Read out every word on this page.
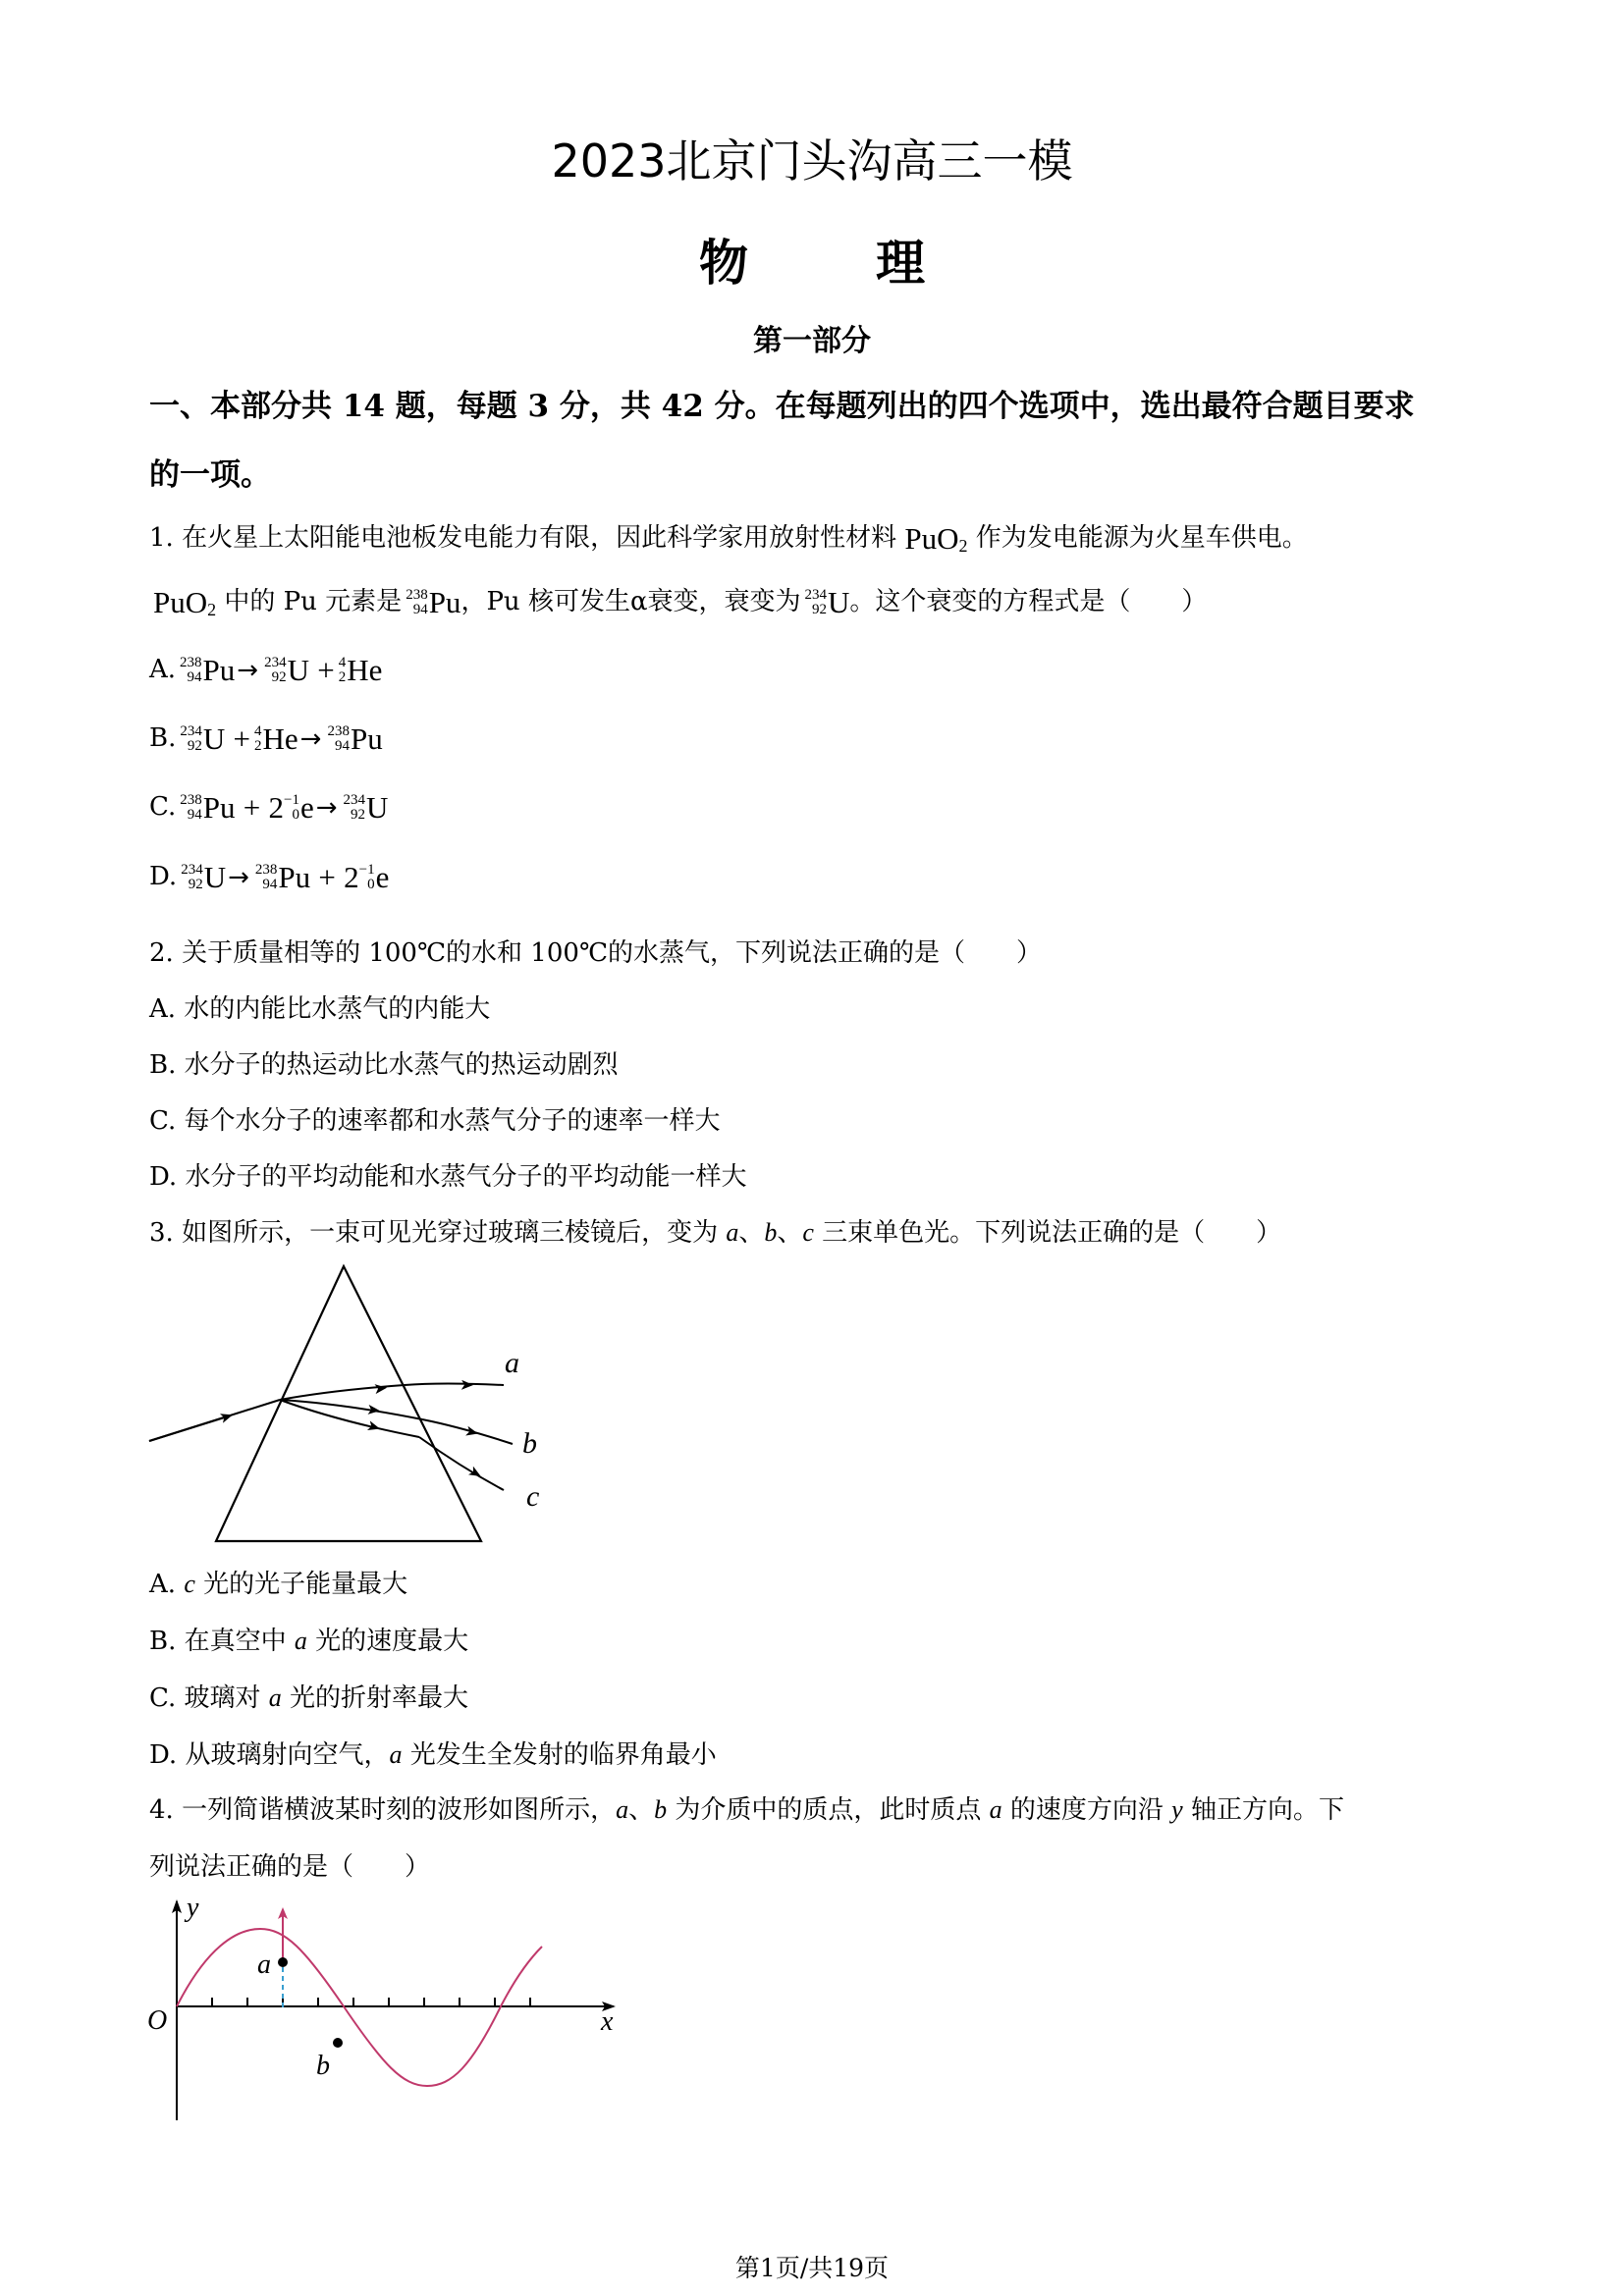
2023北京门头沟高三一模
物	理
第一部分
一、本部分共 14 题，每题 3 分，共 42 分。在每题列出的四个选项中，选出最符合题目要求
的一项。
1. 在火星上太阳能电池板发电能力有限，因此科学家用放射性材料 PuO$_2$ 作为发电能源为火星车供电。
PuO$_2$ 中的 Pu 元素是 238
94 Pu，Pu 核可发生α衰变，衰变为 234
92 U。这个衰变的方程式是（　　）
A. 238
94 Pu→ 234
92 U + 4
2 He
B. 234
92 U + 4
2 He→ 238
94 Pu
C. 238
94 Pu + 2 −1
0 e→ 234
92 U
D. 234
92 U→ 238
94 Pu + 2 −1
0 e
2. 关于质量相等的 100℃的水和 100℃的水蒸气，下列说法正确的是（　　）
A. 水的内能比水蒸气的内能大
B. 水分子的热运动比水蒸气的热运动剧烈
C. 每个水分子的速率都和水蒸气分子的速率一样大
D. 水分子的平均动能和水蒸气分子的平均动能一样大
3. 如图所示，一束可见光穿过玻璃三棱镜后，变为 a、b、c 三束单色光。下列说法正确的是（　　）
a
b
c
A. c 光的光子能量最大
B. 在真空中 a 光的速度最大
C. 玻璃对 a 光的折射率最大
D. 从玻璃射向空气，a 光发生全发射的临界角最小
4. 一列简谐横波某时刻的波形如图所示，a、b 为介质中的质点，此时质点 a 的速度方向沿 y 轴正方向。下
列说法正确的是（　　）
y
x
O
a
b
第1页/共19页
